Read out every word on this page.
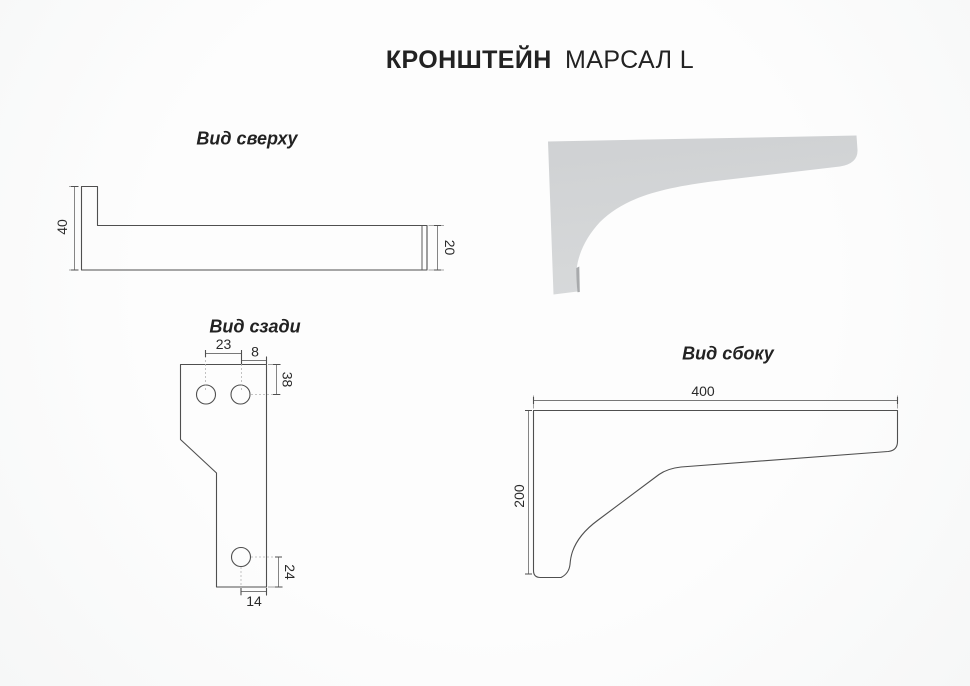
КРОНШТЕЙН МАРСАЛ L
Вид сверху
Вид сзади
Вид сбоку
40
20
23 8
38
24
14
400
200
